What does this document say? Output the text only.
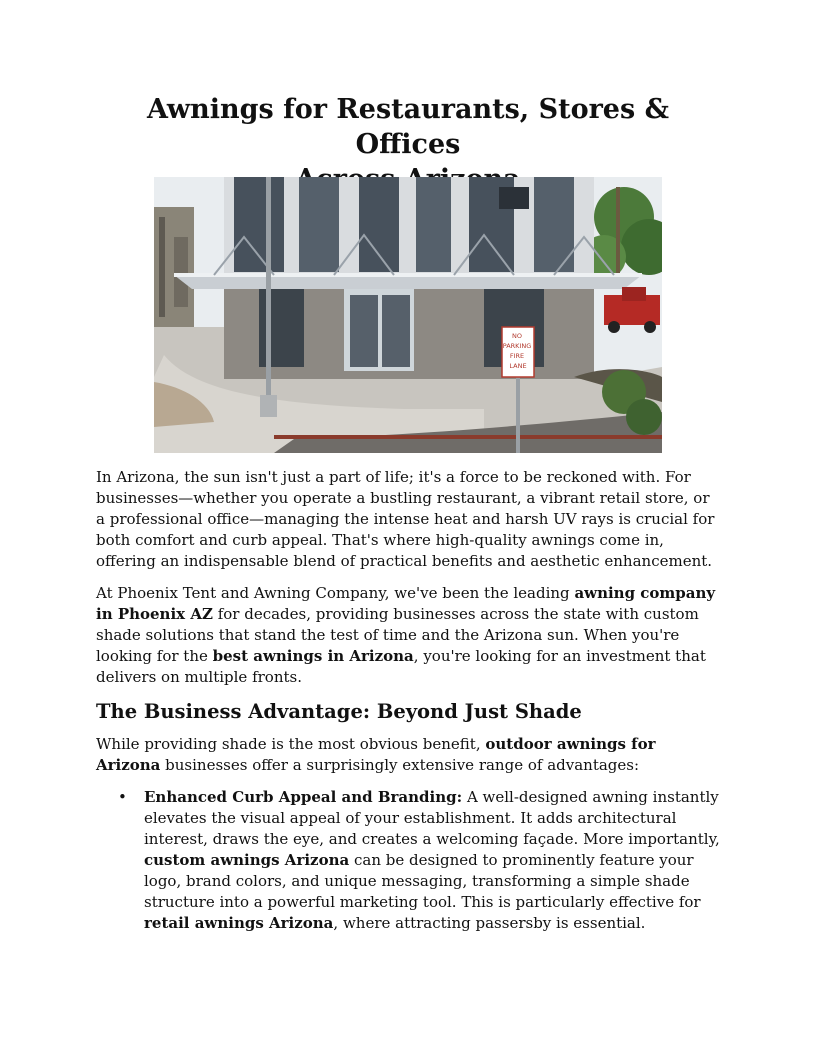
Awnings for Restaurants, Stores & Offices
NO PARKING FIRE LANE

In Arizona, the sun isn't just a part of life; it's a force to be reckoned with. For businesses—whether you operate a bustling restaurant, a vibrant retail store, or a professional office—managing the intense heat and harsh UV rays is crucial for both comfort and curb appeal. That's where high-quality awnings come in, offering an indispensable blend of practical benefits and aesthetic enhancement.

At Phoenix Tent and Awning Company, we've been the leading awning company in Phoenix AZ for decades, providing businesses across the state with custom shade solutions that stand the test of time and the Arizona sun. When you're looking for the best awnings in Arizona, you're looking for an investment that delivers on multiple fronts.

The Business Advantage: Beyond Just Shade

While providing shade is the most obvious benefit, outdoor awnings for Arizona businesses offer a surprisingly extensive range of advantages:

• Enhanced Curb Appeal and Branding: A well-designed awning instantly elevates the visual appeal of your establishment. It adds architectural interest, draws the eye, and creates a welcoming façade. More importantly, custom awnings Arizona can be designed to prominently feature your logo, brand colors, and unique messaging, transforming a simple shade structure into a powerful marketing tool. This is particularly effective for retail awnings Arizona, where attracting passersby is essential.
